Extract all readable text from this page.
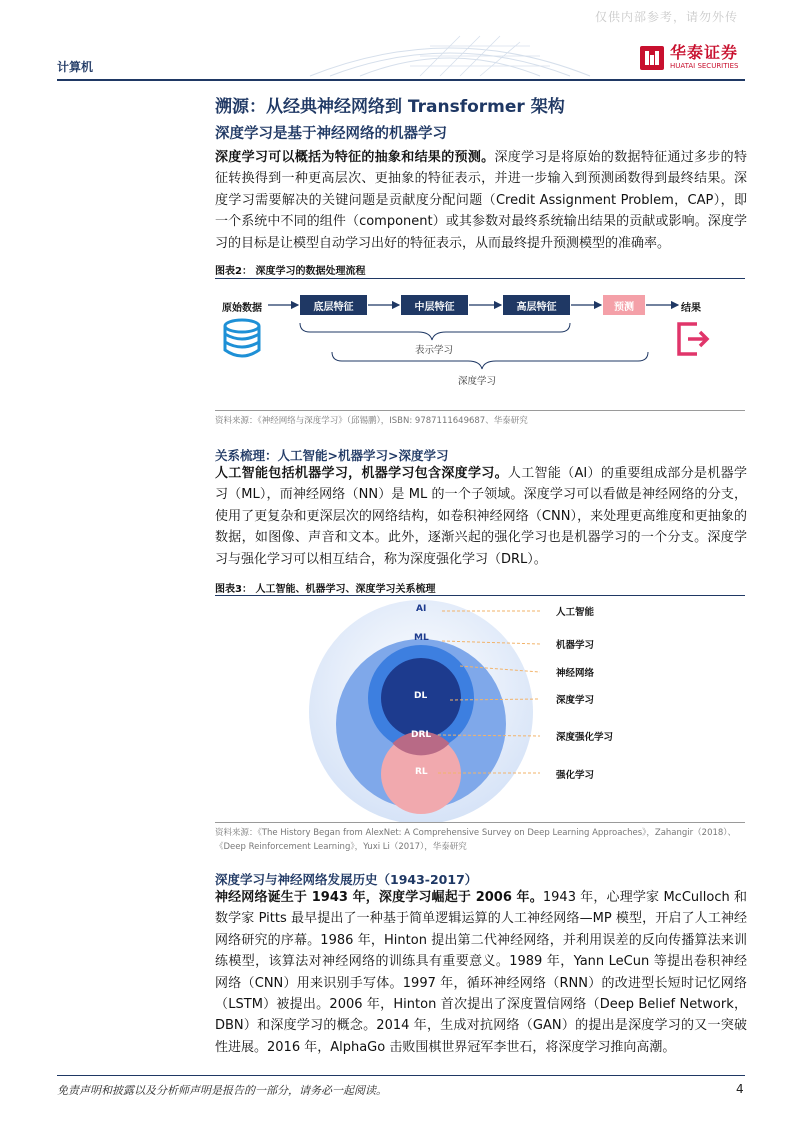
仅供内部参考，请勿外传
计算机
华泰证券
HUATAI SECURITIES
溯源：从经典神经网络到 Transformer 架构
深度学习是基于神经网络的机器学习
深度学习可以概括为特征的抽象和结果的预测。深度学习是将原始的数据特征通过多步的特征转换得到一种更高层次、更抽象的特征表示，并进一步输入到预测函数得到最终结果。深度学习需要解决的关键问题是贡献度分配问题（Credit Assignment Problem，CAP），即一个系统中不同的组件（component）或其参数对最终系统输出结果的贡献或影响。深度学习的目标是让模型自动学习出好的特征表示，从而最终提升预测模型的准确率。
图表2： 深度学习的数据处理流程
原始数据	底层特征	中层特征	高层特征	预测	结果
表示学习
深度学习
资料来源：《神经网络与深度学习》（邱锡鹏），ISBN: 9787111649687、华泰研究
关系梳理：人工智能>机器学习>深度学习
人工智能包括机器学习，机器学习包含深度学习。人工智能（AI）的重要组成部分是机器学习（ML），而神经网络（NN）是 ML 的一个子领域。深度学习可以看做是神经网络的分支，使用了更复杂和更深层次的网络结构，如卷积神经网络（CNN），来处理更高维度和更抽象的数据，如图像、声音和文本。此外，逐渐兴起的强化学习也是机器学习的一个分支。深度学习与强化学习可以相互结合，称为深度强化学习（DRL）。
图表3： 人工智能、机器学习、深度学习关系梳理
AI
ML
DL
DRL
RL
人工智能
机器学习
神经网络
深度学习
深度强化学习
强化学习
资料来源：《The History Began from AlexNet: A Comprehensive Survey on Deep Learning Approaches》，Zahangir（2018）、
《Deep Reinforcement Learning》，Yuxi Li（2017），华泰研究
深度学习与神经网络发展历史（1943-2017）
神经网络诞生于 1943 年，深度学习崛起于 2006 年。1943 年，心理学家 McCulloch 和数学家 Pitts 最早提出了一种基于简单逻辑运算的人工神经网络—MP 模型，开启了人工神经网络研究的序幕。1986 年，Hinton 提出第二代神经网络，并利用误差的反向传播算法来训练模型，该算法对神经网络的训练具有重要意义。1989 年，Yann LeCun 等提出卷积神经网络（CNN）用来识别手写体。1997 年，循环神经网络（RNN）的改进型长短时记忆网络（LSTM）被提出。2006 年，Hinton 首次提出了深度置信网络（Deep Belief Network，DBN）和深度学习的概念。2014 年，生成对抗网络（GAN）的提出是深度学习的又一突破性进展。2016 年，AlphaGo 击败围棋世界冠军李世石，将深度学习推向高潮。
免责声明和披露以及分析师声明是报告的一部分，请务必一起阅读。	4
